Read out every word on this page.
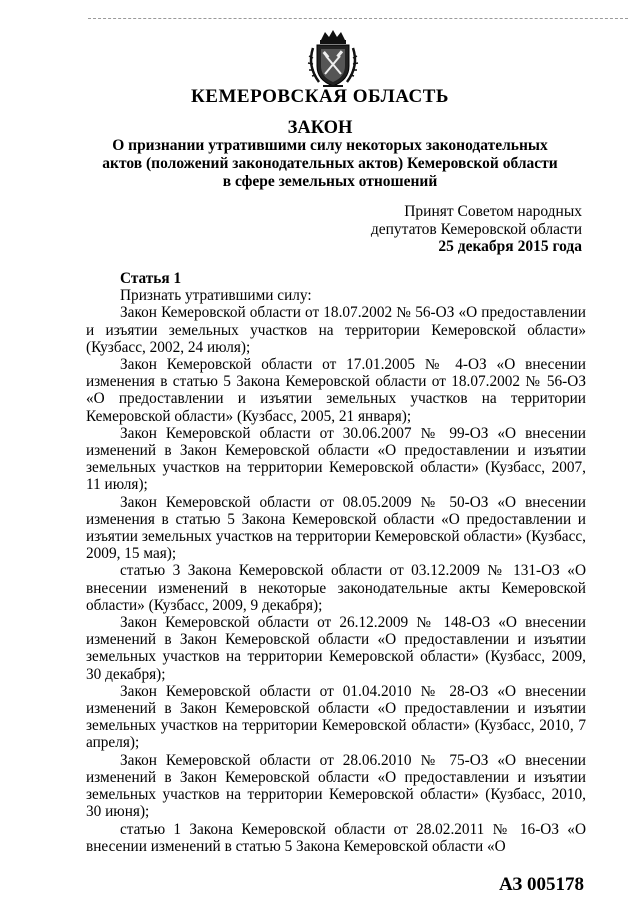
КЕМЕРОВСКАЯ ОБЛАСТЬ
ЗАКОН
О признании утратившими силу некоторых законодательных актов (положений законодательных актов) Кемеровской области в сфере земельных отношений
Принят Советом народных
депутатов Кемеровской области
25 декабря 2015 года

Статья 1

Признать утратившими силу:

Закон Кемеровской области от 18.07.2002 № 56-ОЗ «О предоставлении и изъятии земельных участков на территории Кемеровской области» (Кузбасс, 2002, 24 июля);

Закон Кемеровской области от 17.01.2005 № 4-ОЗ «О внесении изменения в статью 5 Закона Кемеровской области от 18.07.2002 № 56-ОЗ «О предоставлении и изъятии земельных участков на территории Кемеровской области» (Кузбасс, 2005, 21 января);

Закон Кемеровской области от 30.06.2007 № 99-ОЗ «О внесении изменений в Закон Кемеровской области «О предоставлении и изъятии земельных участков на территории Кемеровской области» (Кузбасс, 2007, 11 июля);

Закон Кемеровской области от 08.05.2009 № 50-ОЗ «О внесении изменения в статью 5 Закона Кемеровской области «О предоставлении и изъятии земельных участков на территории Кемеровской области» (Кузбасс, 2009, 15 мая);

статью 3 Закона Кемеровской области от 03.12.2009 № 131-ОЗ «О внесении изменений в некоторые законодательные акты Кемеровской области» (Кузбасс, 2009, 9 декабря);

Закон Кемеровской области от 26.12.2009 № 148-ОЗ «О внесении изменений в Закон Кемеровской области «О предоставлении и изъятии земельных участков на территории Кемеровской области» (Кузбасс, 2009, 30 декабря);

Закон Кемеровской области от 01.04.2010 № 28-ОЗ «О внесении изменений в Закон Кемеровской области «О предоставлении и изъятии земельных участков на территории Кемеровской области» (Кузбасс, 2010, 7 апреля);

Закон Кемеровской области от 28.06.2010 № 75-ОЗ «О внесении изменений в Закон Кемеровской области «О предоставлении и изъятии земельных участков на территории Кемеровской области» (Кузбасс, 2010, 30 июня);

статью 1 Закона Кемеровской области от 28.02.2011 № 16-ОЗ «О внесении изменений в статью 5 Закона Кемеровской области «О

АЗ 005178
